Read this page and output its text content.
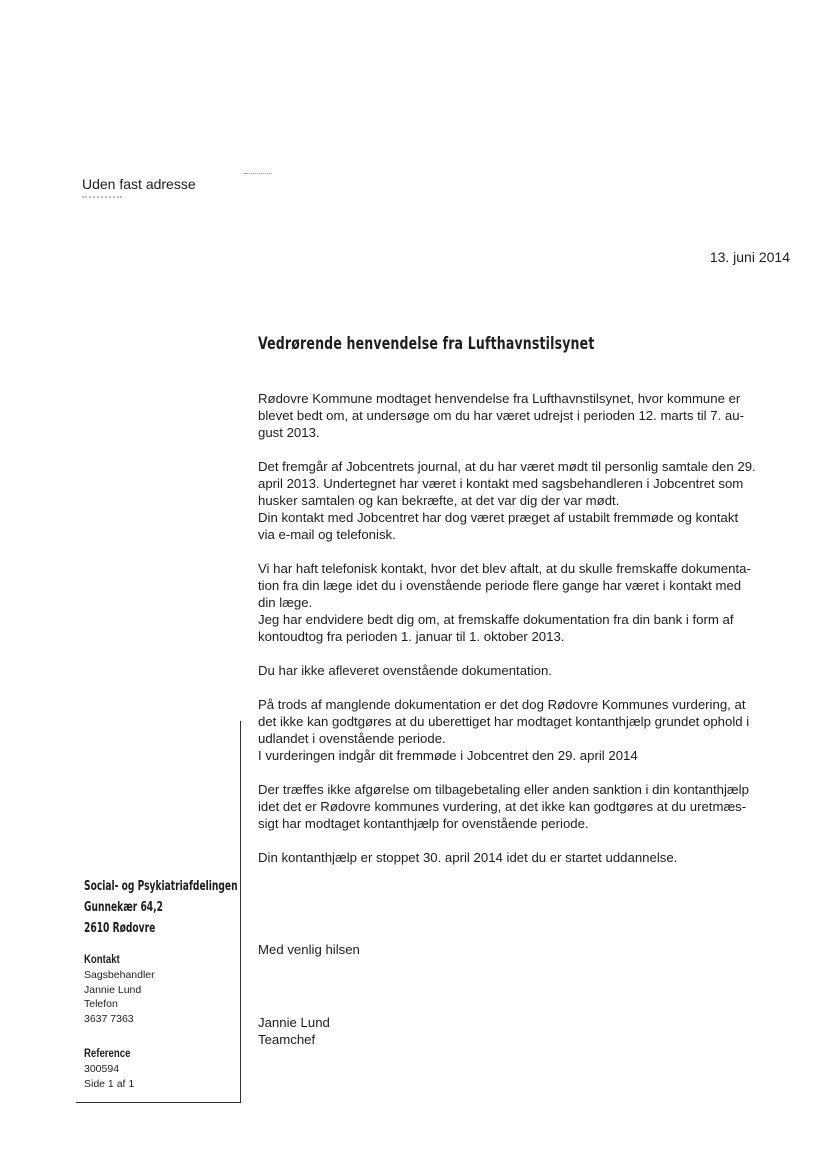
Uden fast adresse
13. juni 2014
Vedrørende henvendelse fra Lufthavnstilsynet

Rødovre Kommune modtaget henvendelse fra Lufthavnstilsynet, hvor kommune er
blevet bedt om, at undersøge om du har været udrejst i perioden 12. marts til 7. au-
gust 2013.

Det fremgår af Jobcentrets journal, at du har været mødt til personlig samtale den 29.
april 2013. Undertegnet har været i kontakt med sagsbehandleren i Jobcentret som
husker samtalen og kan bekræfte, at det var dig der var mødt.
Din kontakt med Jobcentret har dog været præget af ustabilt fremmøde og kontakt
via e-mail og telefonisk.

Vi har haft telefonisk kontakt, hvor det blev aftalt, at du skulle fremskaffe dokumenta-
tion fra din læge idet du i ovenstående periode flere gange har været i kontakt med
din læge.
Jeg har endvidere bedt dig om, at fremskaffe dokumentation fra din bank i form af
kontoudtog fra perioden 1. januar til 1. oktober 2013.

Du har ikke afleveret ovenstående dokumentation.

På trods af manglende dokumentation er det dog Rødovre Kommunes vurdering, at
det ikke kan godtgøres at du uberettiget har modtaget kontanthjælp grundet ophold i
udlandet i ovenstående periode.
I vurderingen indgår dit fremmøde i Jobcentret den 29. april 2014

Der træffes ikke afgørelse om tilbagebetaling eller anden sanktion i din kontanthjælp
idet det er Rødovre kommunes vurdering, at det ikke kan godtgøres at du uretmæs-
sigt har modtaget kontanthjælp for ovenstående periode.

Din kontanthjælp er stoppet 30. april 2014 idet du er startet uddannelse.

Med venlig hilsen
Jannie Lund
Teamchef
Social- og Psykiatriafdelingen
Gunnekær 64,2
2610 Rødovre
Kontakt
Sagsbehandler
Jannie Lund
Telefon
3637 7363
Reference
300594
Side 1 af 1
